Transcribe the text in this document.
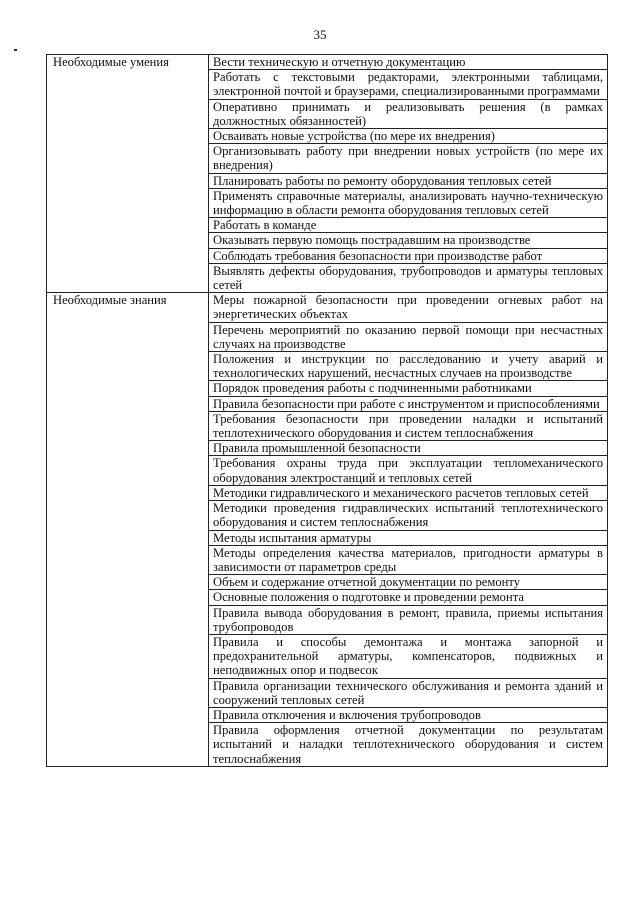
35
Необходимые умения	Вести техническую и отчетную документацию
	Работать с текстовыми редакторами, электронными таблицами, электронной почтой и браузерами, специализированными программами
	Оперативно принимать и реализовывать решения (в рамках должностных обязанностей)
	Осваивать новые устройства (по мере их внедрения)
	Организовывать работу при внедрении новых устройств (по мере их внедрения)
	Планировать работы по ремонту оборудования тепловых сетей
	Применять справочные материалы, анализировать научно-техническую информацию в области ремонта оборудования тепловых сетей
	Работать в команде
	Оказывать первую помощь пострадавшим на производстве
	Соблюдать требования безопасности при производстве работ
	Выявлять дефекты оборудования, трубопроводов и арматуры тепловых сетей
Необходимые знания	Меры пожарной безопасности при проведении огневых работ на энергетических объектах
	Перечень мероприятий по оказанию первой помощи при несчастных случаях на производстве
	Положения и инструкции по расследованию и учету аварий и технологических нарушений, несчастных случаев на производстве
	Порядок проведения работы с подчиненными работниками
	Правила безопасности при работе с инструментом и приспособлениями
	Требования безопасности при проведении наладки и испытаний теплотехнического оборудования и систем теплоснабжения
	Правила промышленной безопасности
	Требования охраны труда при эксплуатации тепломеханического оборудования электростанций и тепловых сетей
	Методики гидравлического и механического расчетов тепловых сетей
	Методики проведения гидравлических испытаний теплотехнического оборудования и систем теплоснабжения
	Методы испытания арматуры
	Методы определения качества материалов, пригодности арматуры в зависимости от параметров среды
	Объем и содержание отчетной документации по ремонту
	Основные положения о подготовке и проведении ремонта
	Правила вывода оборудования в ремонт, правила, приемы испытания трубопроводов
	Правила и способы демонтажа и монтажа запорной и предохранительной арматуры, компенсаторов, подвижных и неподвижных опор и подвесок
	Правила организации технического обслуживания и ремонта зданий и сооружений тепловых сетей
	Правила отключения и включения трубопроводов
	Правила оформления отчетной документации по результатам испытаний и наладки теплотехнического оборудования и систем теплоснабжения
